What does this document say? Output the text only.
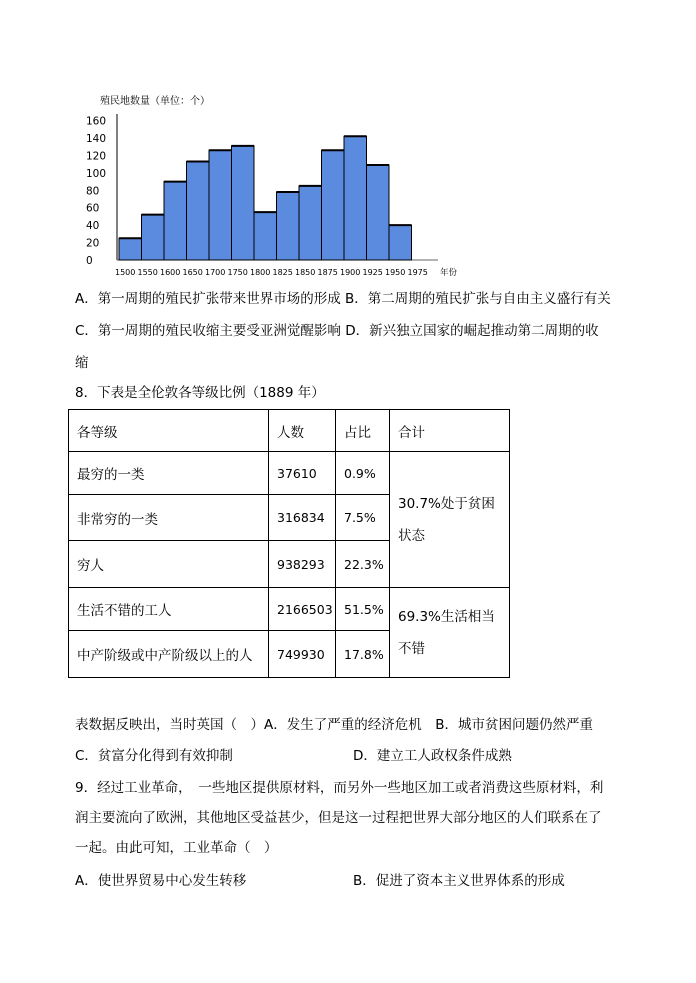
殖民地数量（单位：个）
0
20
40
60
80
100
120
140
160
1500 1550 1600 1650 1700 1750 1800 1825 1850 1875 1900 1925 1950 1975 年份
A．第一周期的殖民扩张带来世界市场的形成 B．第二周期的殖民扩张与自由主义盛行有关
C．第一周期的殖民收缩主要受亚洲觉醒影响 D．新兴独立国家的崛起推动第二周期的收
缩
8．下表是全伦敦各等级比例（1889 年）
各等级	人数	占比	合计
最穷的一类	37610	0.9%	30.7%处于贫困
状态

非常穷的一类	316834	7.5%	
穷人	938293	22.3%	
生活不错的工人	2166503	51.5%	69.3%生活相当
不错

中产阶级或中产阶级以上的人	749930	17.8%	
表数据反映出，当时英国（　）A．发生了严重的经济危机　B．城市贫困问题仍然严重
C．贫富分化得到有效抑制	D．建立工人政权条件成熟
9．经过工业革命，　一些地区提供原材料，而另外一些地区加工或者消费这些原材料，利
润主要流向了欧洲，其他地区受益甚少，但是这一过程把世界大部分地区的人们联系在了
一起。由此可知，工业革命（　）
A．使世界贸易中心发生转移	B．促进了资本主义世界体系的形成
